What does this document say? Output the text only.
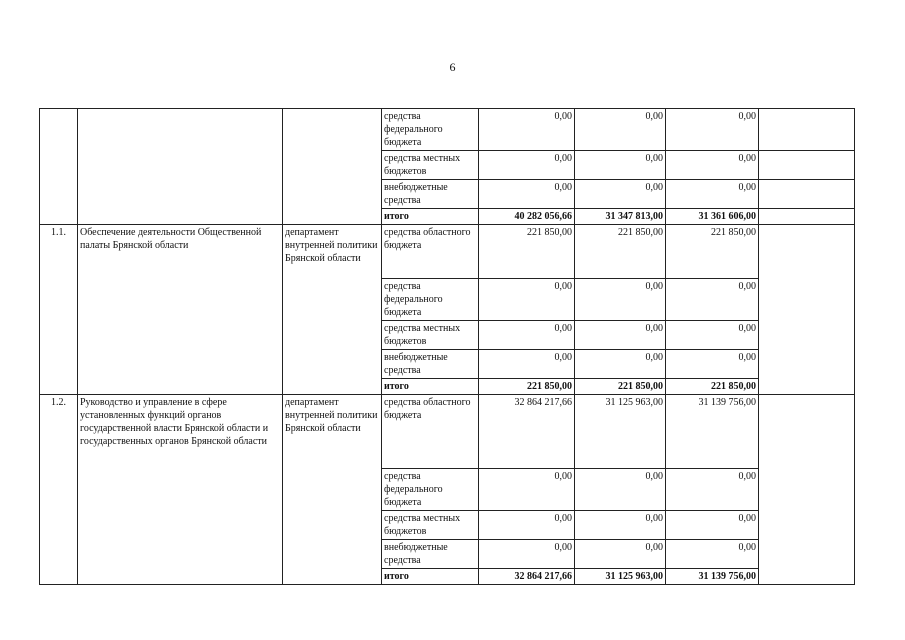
6
			средства федерального бюджета	0,00	0,00	0,00	
			средства местных бюджетов	0,00	0,00	0,00	
			внебюджетные средства	0,00	0,00	0,00	
			итого	40 282 056,66	31 347 813,00	31 361 606,00	
1.1.	Обеспечение деятельности Общественной палаты Брянской области	департамент внутренней политики Брянской области	средства областного бюджета	221 850,00	221 850,00	221 850,00	
			средства федерального бюджета	0,00	0,00	0,00	
			средства местных бюджетов	0,00	0,00	0,00	
			внебюджетные средства	0,00	0,00	0,00	
			итого	221 850,00	221 850,00	221 850,00	
1.2.	Руководство и управление в сфере установленных функций органов государственной власти Брянской области и государственных органов Брянской области	департамент внутренней политики Брянской области	средства областного бюджета	32 864 217,66	31 125 963,00	31 139 756,00	
			средства федерального бюджета	0,00	0,00	0,00	
			средства местных бюджетов	0,00	0,00	0,00	
			внебюджетные средства	0,00	0,00	0,00	
			итого	32 864 217,66	31 125 963,00	31 139 756,00	
